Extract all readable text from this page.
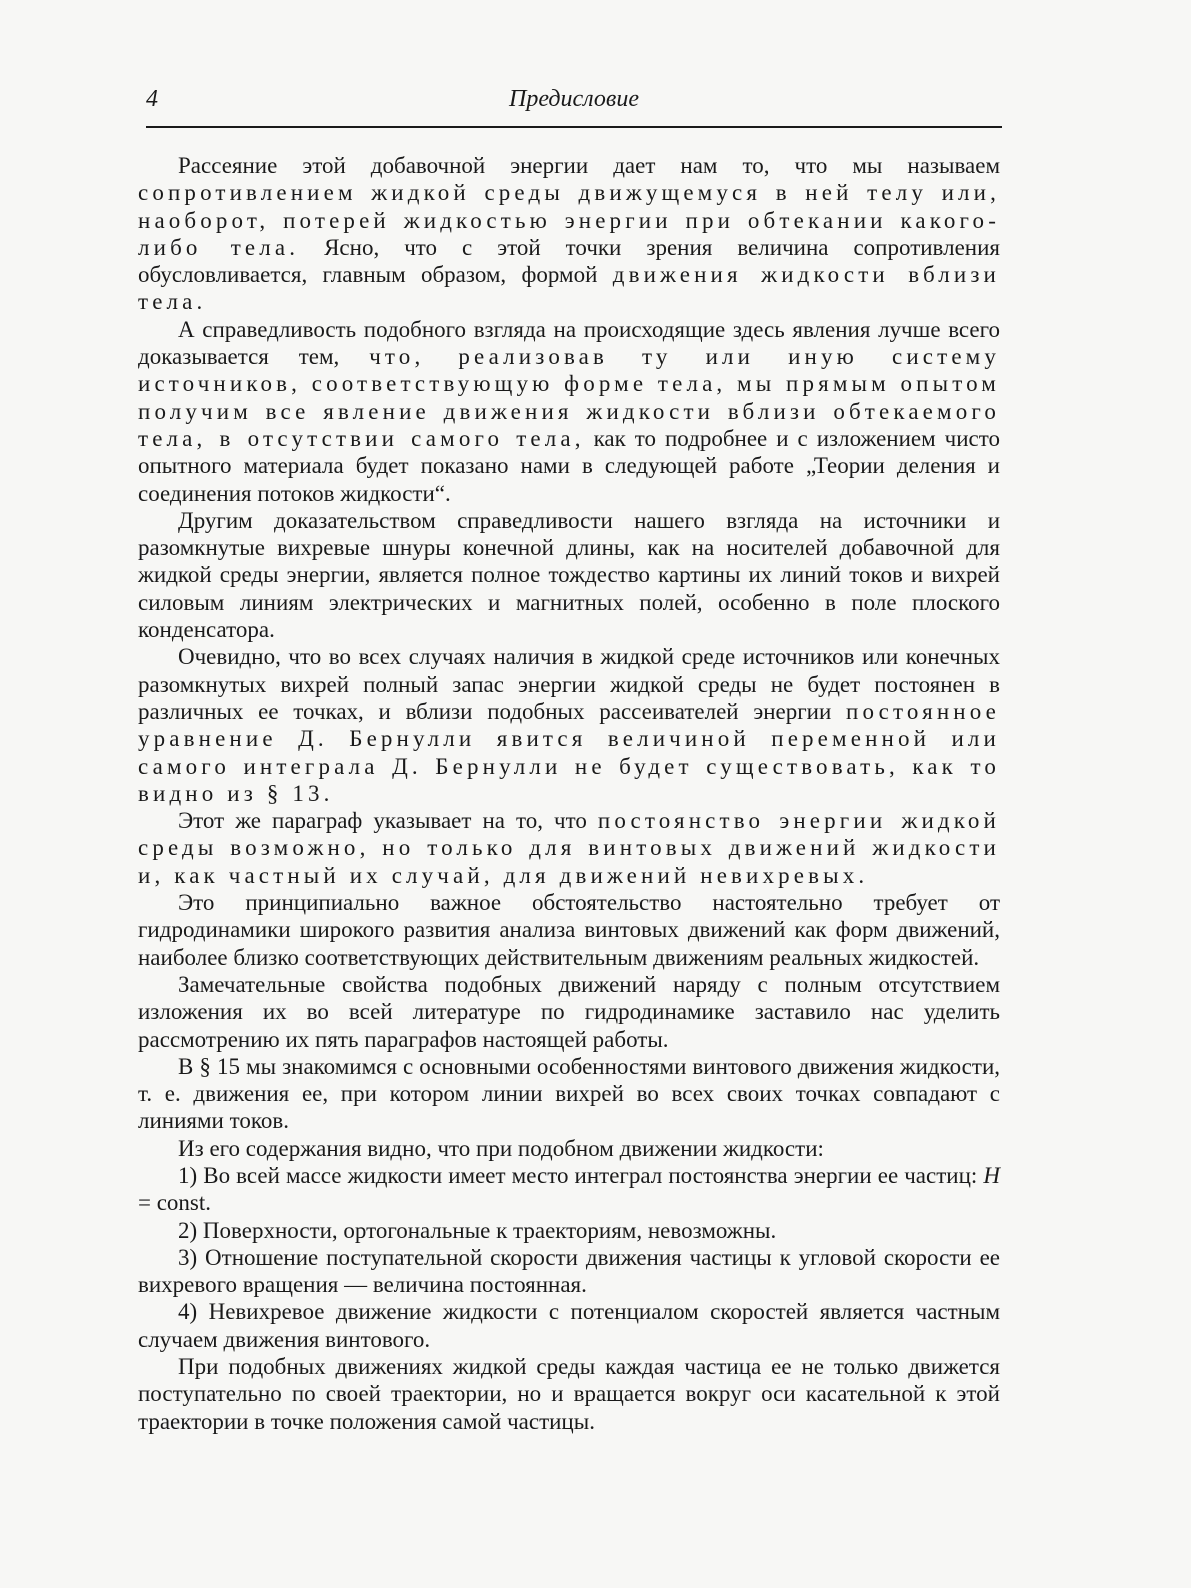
4	Предисловие

Рассеяние этой добавочной энергии дает нам то, что мы называем сопротивлением жидкой среды движущемуся в ней телу или, наоборот, потерей жидкостью энергии при обтекании какого-либо тела. Ясно, что с этой точки зрения величина сопротивления обусловливается, главным образом, формой движения жидкости вблизи тела.

А справедливость подобного взгляда на происходящие здесь явления лучше всего доказывается тем, что, реализовав ту или иную систему источников, соответствующую форме тела, мы прямым опытом получим все явление движения жидкости вблизи обтекаемого тела, в отсутствии самого тела, как то подробнее и с изложением чисто опытного материала будет показано нами в следующей работе „Теории деления и соединения потоков жидкости“.

Другим доказательством справедливости нашего взгляда на источники и разомкнутые вихревые шнуры конечной длины, как на носителей добавочной для жидкой среды энергии, является полное тождество картины их линий токов и вихрей силовым линиям электрических и магнитных полей, особенно в поле плоского конденсатора.

Очевидно, что во всех случаях наличия в жидкой среде источников или конечных разомкнутых вихрей полный запас энергии жидкой среды не будет постоянен в различных ее точках, и вблизи подобных рассеивателей энергии постоянное уравнение Д. Бернулли явится величиной переменной или самого интеграла Д. Бернулли не будет существовать, как то видно из § 13.

Этот же параграф указывает на то, что постоянство энергии жидкой среды возможно, но только для винтовых движений жидкости и, как частный их случай, для движений невихревых.

Это принципиально важное обстоятельство настоятельно требует от гидродинамики широкого развития анализа винтовых движений как форм движений, наиболее близко соответствующих действительным движениям реальных жидкостей.

Замечательные свойства подобных движений наряду с полным отсутствием изложения их во всей литературе по гидродинамике заставило нас уделить рассмотрению их пять параграфов настоящей работы.

В § 15 мы знакомимся с основными особенностями винтового движения жидкости, т. е. движения ее, при котором линии вихрей во всех своих точках совпадают с линиями токов.

Из его содержания видно, что при подобном движении жидкости:

1) Во всей массе жидкости имеет место интеграл постоянства энергии ее частиц: H = const.

2) Поверхности, ортогональные к траекториям, невозможны.

3) Отношение поступательной скорости движения частицы к угловой скорости ее вихревого вращения — величина постоянная.

4) Невихревое движение жидкости с потенциалом скоростей является частным случаем движения винтового.

При подобных движениях жидкой среды каждая частица ее не только движется поступательно по своей траектории, но и вращается вокруг оси касательной к этой траектории в точке положения самой частицы.
